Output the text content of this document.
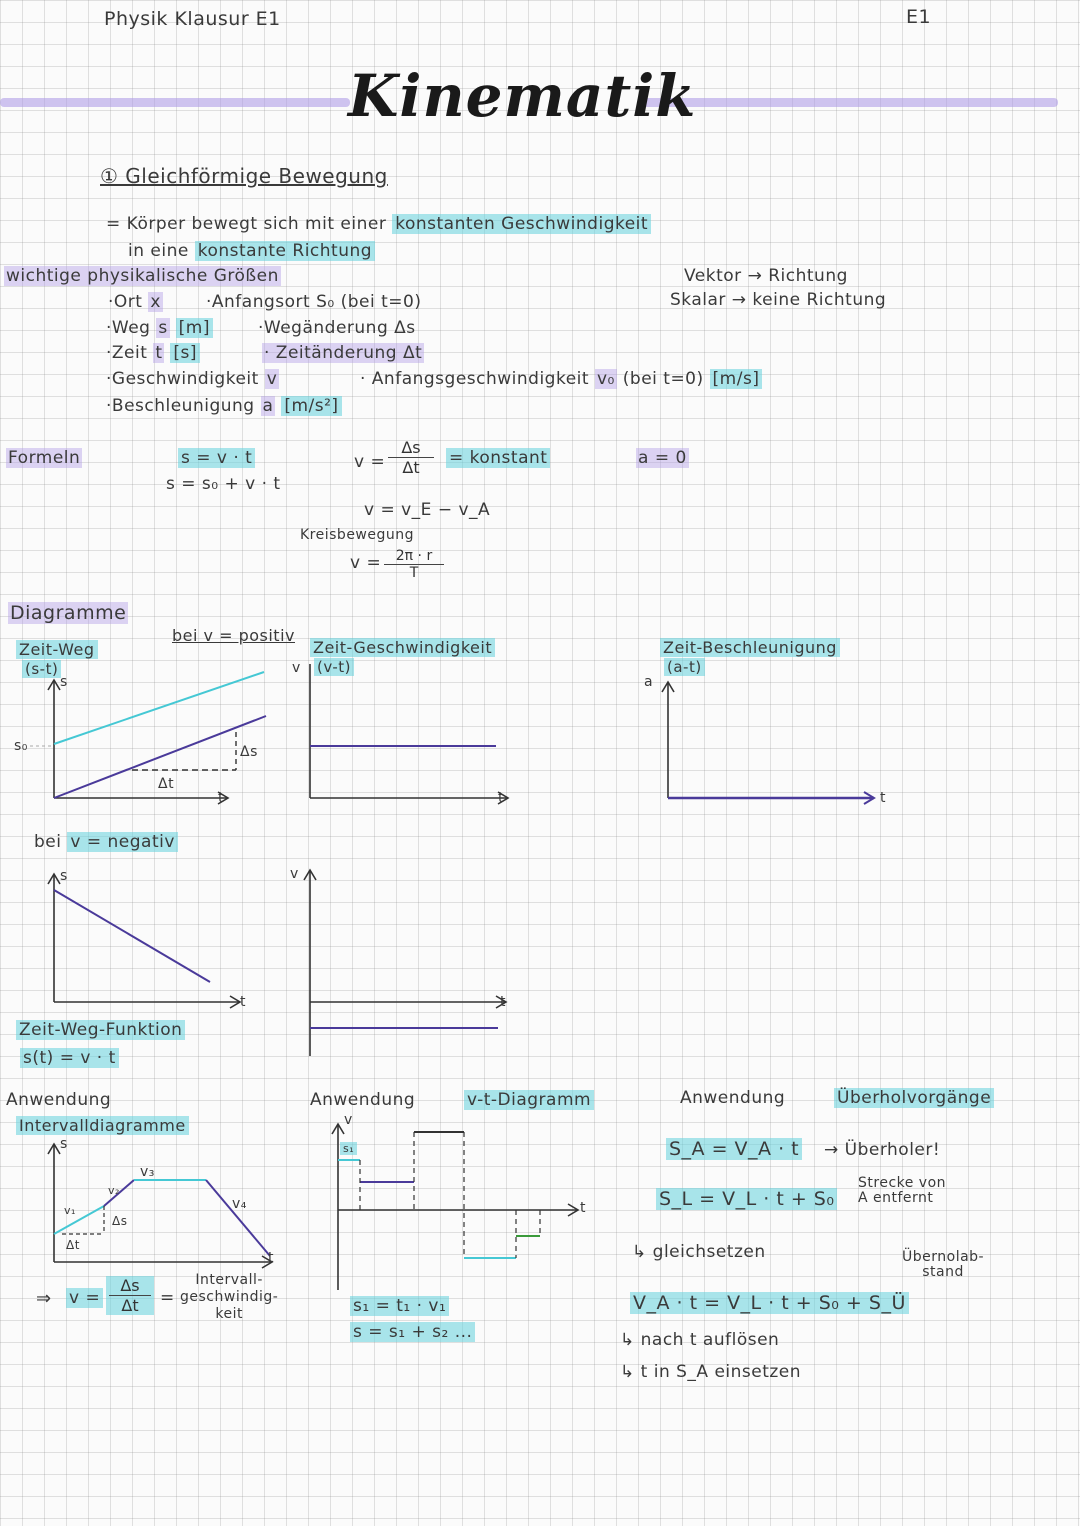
Physik Klausur E1	E1
Kinematik
① Gleichförmige Bewegung
= Körper bewegt sich mit einer konstanten Geschwindigkeit
in eine konstante Richtung
wichtige physikalische Größen	Vektor → Richtung
Skalar → keine Richtung
·Ort x	·Anfangsort S₀ (bei t=0)
·Weg s [m]	·Wegänderung Δs
·Zeit t [s]	· Zeitänderung Δt
·Geschwindigkeit v	· Anfangsgeschwindigkeit v₀ (bei t=0) [m/s]
·Beschleunigung a [m/s²]
Formeln	s = v · t
s = s₀ + v · t
$v = \frac{\Delta s}{\Delta t}$ = konstant	a = 0
v = v_E − v_A
Kreisbewegung
$v = \frac{2\pi \cdot r}{T}$
Diagramme
bei v = positiv
Zeit-Weg
(s-t)
Zeit-Geschwindigkeit
(v-t)
Zeit-Beschleunigung
(a-t)
s
t
s₀	Δs
Δt
v
t
a
t
bei v = negativ
s
t
v
t
Zeit-Weg-Funktion
s(t) = v · t
Anwendung
Intervalldiagramme
s
t
v₁
v₂
v₃
v₄
Δs
Δt
⇒ $v = \frac{\Delta s}{\Delta t}$ =
Intervall-
geschwindig-
keit
Anwendung	v-t-Diagramm
v
t
s₁
s₁ = t₁ · v₁
s = s₁ + s₂ ...
Anwendung	Überholvorgänge
S_A = V_A · t → Überholer!
S_L = V_L · t + S₀
Strecke von
A entfernt
↳ gleichsetzen	Übernolab-
stand
V_A · t = V_L · t + S₀ + S_Ü
↳ nach t auflösen
↳ t in S_A einsetzen
